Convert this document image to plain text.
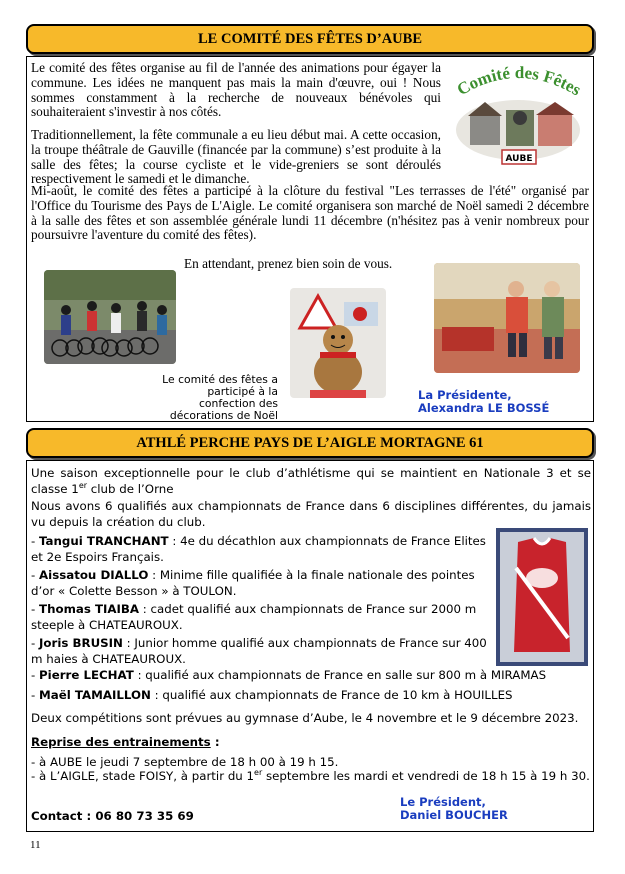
LE COMITÉ DES FÊTES D’AUBE
Le comité des fêtes organise au fil de l'année des animations pour égayer la commune. Les idées ne manquent pas mais la main d'œuvre, oui ! Nous sommes constamment à la recherche de nouveaux bénévoles qui souhaiteraient s'investir à nos côtés.
Traditionnellement, la fête communale a eu lieu début mai. A cette occasion, la troupe théâtrale de Gauville (financée par la commune) s’est produite à la salle des fêtes; la course cycliste et le vide-greniers se sont déroulés respectivement le samedi et le dimanche.
Mi-août, le comité des fêtes a participé à la clôture du festival "Les terrasses de l'été" organisé par l'Office du Tourisme des Pays de L'Aigle. Le comité organisera son marché de Noël samedi 2 décembre à la salle des fêtes et son assemblée générale lundi 11 décembre (n'hésitez pas à venir nombreux pour poursuivre l'aventure du comité des fêtes).
Comité des Fêtes
AUBE
En attendant, prenez bien soin de vous.
Le comité des fêtes a participé à la confection des décorations de Noël
La Présidente,
Alexandra LE BOSSÉ
ATHLÉ PERCHE PAYS DE L’AIGLE MORTAGNE 61
Une saison exceptionnelle pour le club d’athlétisme qui se maintient en Nationale 3 et se classe 1er club de l’Orne
Nous avons 6 qualifiés aux championnats de France dans 6 disciplines différentes, du jamais vu depuis la création du club.
- Tangui TRANCHANT : 4e du décathlon aux championnats de France Elites et 2e Espoirs Français.
- Aissatou DIALLO : Minime fille qualifiée à la finale nationale des pointes d’or « Colette Besson » à TOULON.
- Thomas TIAIBA : cadet qualifié aux championnats de France sur 2000 m steeple à CHATEAUROUX.
- Joris BRUSIN : Junior homme qualifié aux championnats de France sur 400 m haies à CHATEAUROUX.
- Pierre LECHAT : qualifié aux championnats de France en salle sur 800 m à MIRAMAS
- Maël TAMAILLON : qualifié aux championnats de France de 10 km à HOUILLES
Deux compétitions sont prévues au gymnase d’Aube, le 4 novembre et le 9 décembre 2023.
Reprise des entrainements :
- à AUBE le jeudi 7 septembre de 18 h 00 à 19 h 15.
- à L’AIGLE, stade FOISY, à partir du 1er septembre les mardi et vendredi de 18 h 15 à 19 h 30.
Le Président,
Daniel BOUCHER
Contact : 06 80 73 35 69
11
